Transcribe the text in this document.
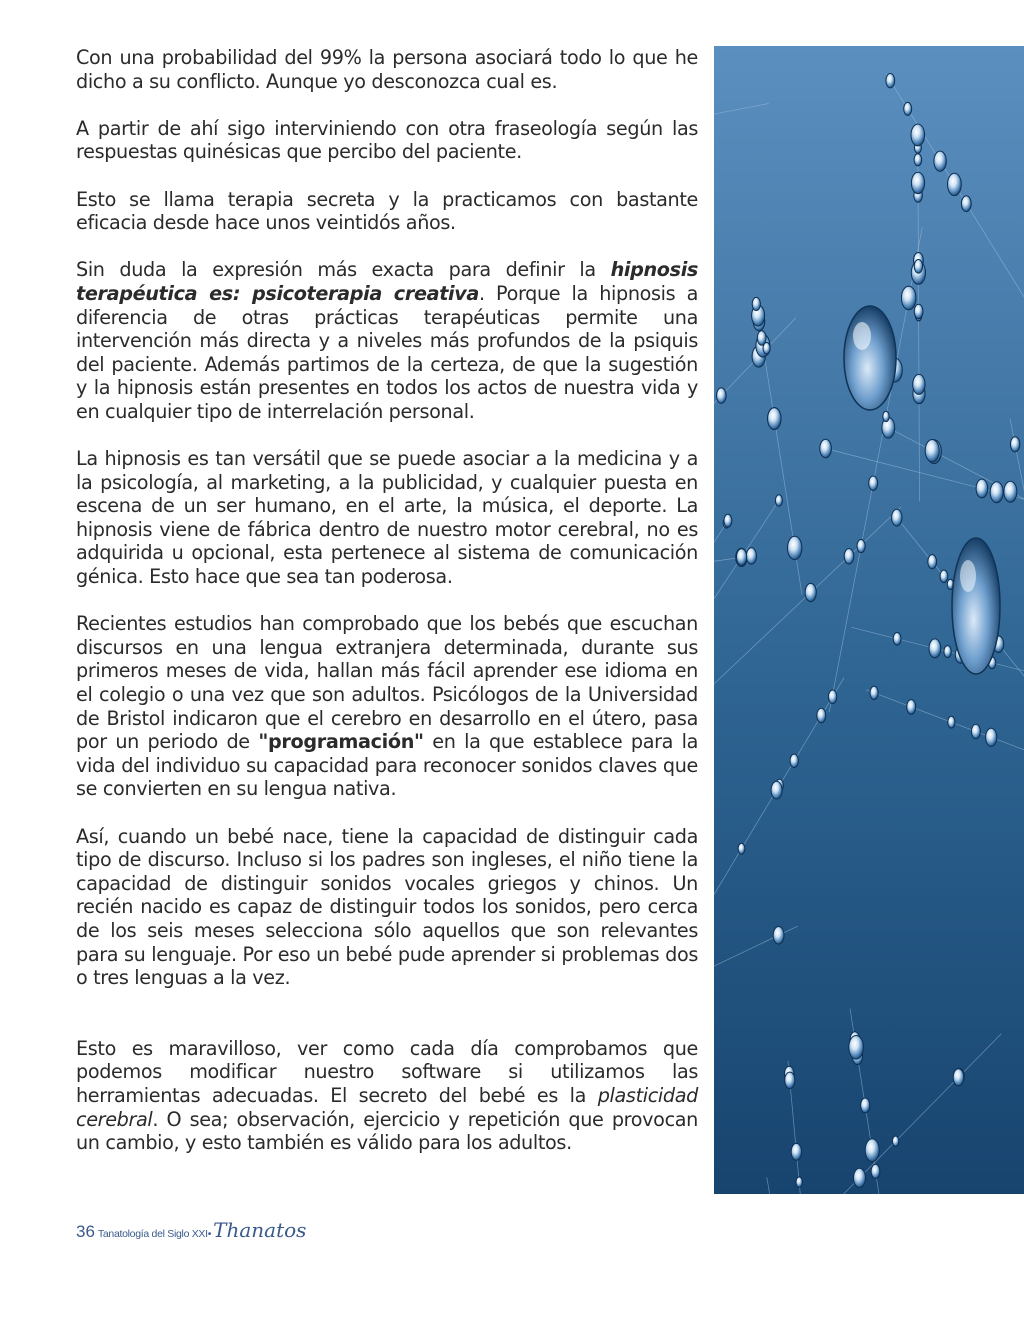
Con una probabilidad del 99% la persona asociará todo lo que he dicho a su conflicto. Aunque yo desconozca cual es.

A partir de ahí sigo interviniendo con otra fraseología según las respuestas quinésicas que percibo del paciente.

Esto se llama terapia secreta y la practicamos con bastante eficacia desde hace unos veintidós años.

Sin duda la expresión más exacta para definir la hipnosis terapéutica es: psicoterapia creativa. Porque la hipnosis a diferencia de otras prácticas terapéuticas permite una intervención más directa y a niveles más profundos de la psiquis del paciente. Además partimos de la certeza, de que la sugestión y la hipnosis están presentes en todos los actos de nuestra vida y en cualquier tipo de interrelación personal.

La hipnosis es tan versátil que se puede asociar a la medicina y a la psicología, al marketing, a la publicidad, y cualquier puesta en escena de un ser humano, en el arte, la música, el deporte. La hipnosis viene de fábrica dentro de nuestro motor cerebral, no es adquirida u opcional, esta pertenece al sistema de comunicación génica. Esto hace que sea tan poderosa.

Recientes estudios han comprobado que los bebés que escuchan discursos en una lengua extranjera determinada, durante sus primeros meses de vida, hallan más fácil aprender ese idioma en el colegio o una vez que son adultos. Psicólogos de la Universidad de Bristol indicaron que el cerebro en desarrollo en el útero, pasa por un periodo de "programación" en la que establece para la vida del individuo su capacidad para reconocer sonidos claves que se convierten en su lengua nativa.

Así, cuando un bebé nace, tiene la capacidad de distinguir cada tipo de discurso. Incluso si los padres son ingleses, el niño tiene la capacidad de distinguir sonidos vocales griegos y chinos. Un recién nacido es capaz de distinguir todos los sonidos, pero cerca de los seis meses selecciona sólo aquellos que son relevantes para su lenguaje. Por eso un bebé pude aprender si problemas dos o tres lenguas a la vez.

Esto es maravilloso, ver como cada día comprobamos que podemos modificar nuestro software si utilizamos las herramientas adecuadas. El secreto del bebé es la plasticidad cerebral. O sea; observación, ejercicio y repetición que provocan un cambio, y esto también es válido para los adultos.

36 Tanatología del Siglo XXI• Thanatos
